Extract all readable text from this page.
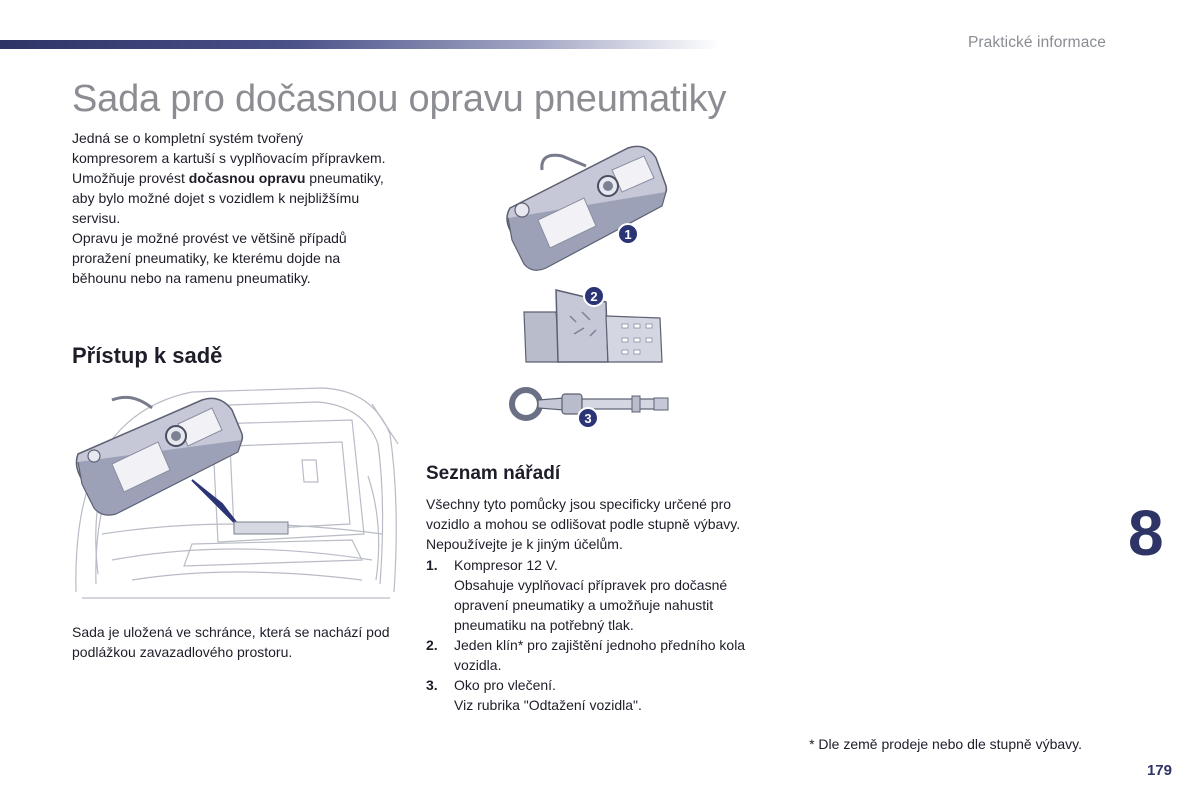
Praktické informace
Sada pro dočasnou opravu pneumatiky

Jedná se o kompletní systém tvořený kompresorem a kartuší s vyplňovacím přípravkem. Umožňuje provést dočasnou opravu pneumatiky, aby bylo možné dojet s vozidlem k nejbližšímu servisu.

Opravu je možné provést ve většině případů proražení pneumatiky, ke kterému dojde na běhounu nebo na ramenu pneumatiky.

Přístup k sadě
Sada je uložená ve schránce, která se nachází pod podlážkou zavazadlového prostoru.
1
2
3
Seznam nářadí
Všechny tyto pomůcky jsou specificky určené pro vozidlo a mohou se odlišovat podle stupně výbavy. Nepoužívejte je k jiným účelům.
1. Kompresor 12 V.
Obsahuje vyplňovací přípravek pro dočasné opravení pneumatiky a umožňuje nahustit pneumatiku na potřebný tlak.
2. Jeden klín* pro zajištění jednoho předního kola vozidla.
3. Oko pro vlečení.
Viz rubrika "Odtažení vozidla".
* Dle země prodeje nebo dle stupně výbavy.
8
179
